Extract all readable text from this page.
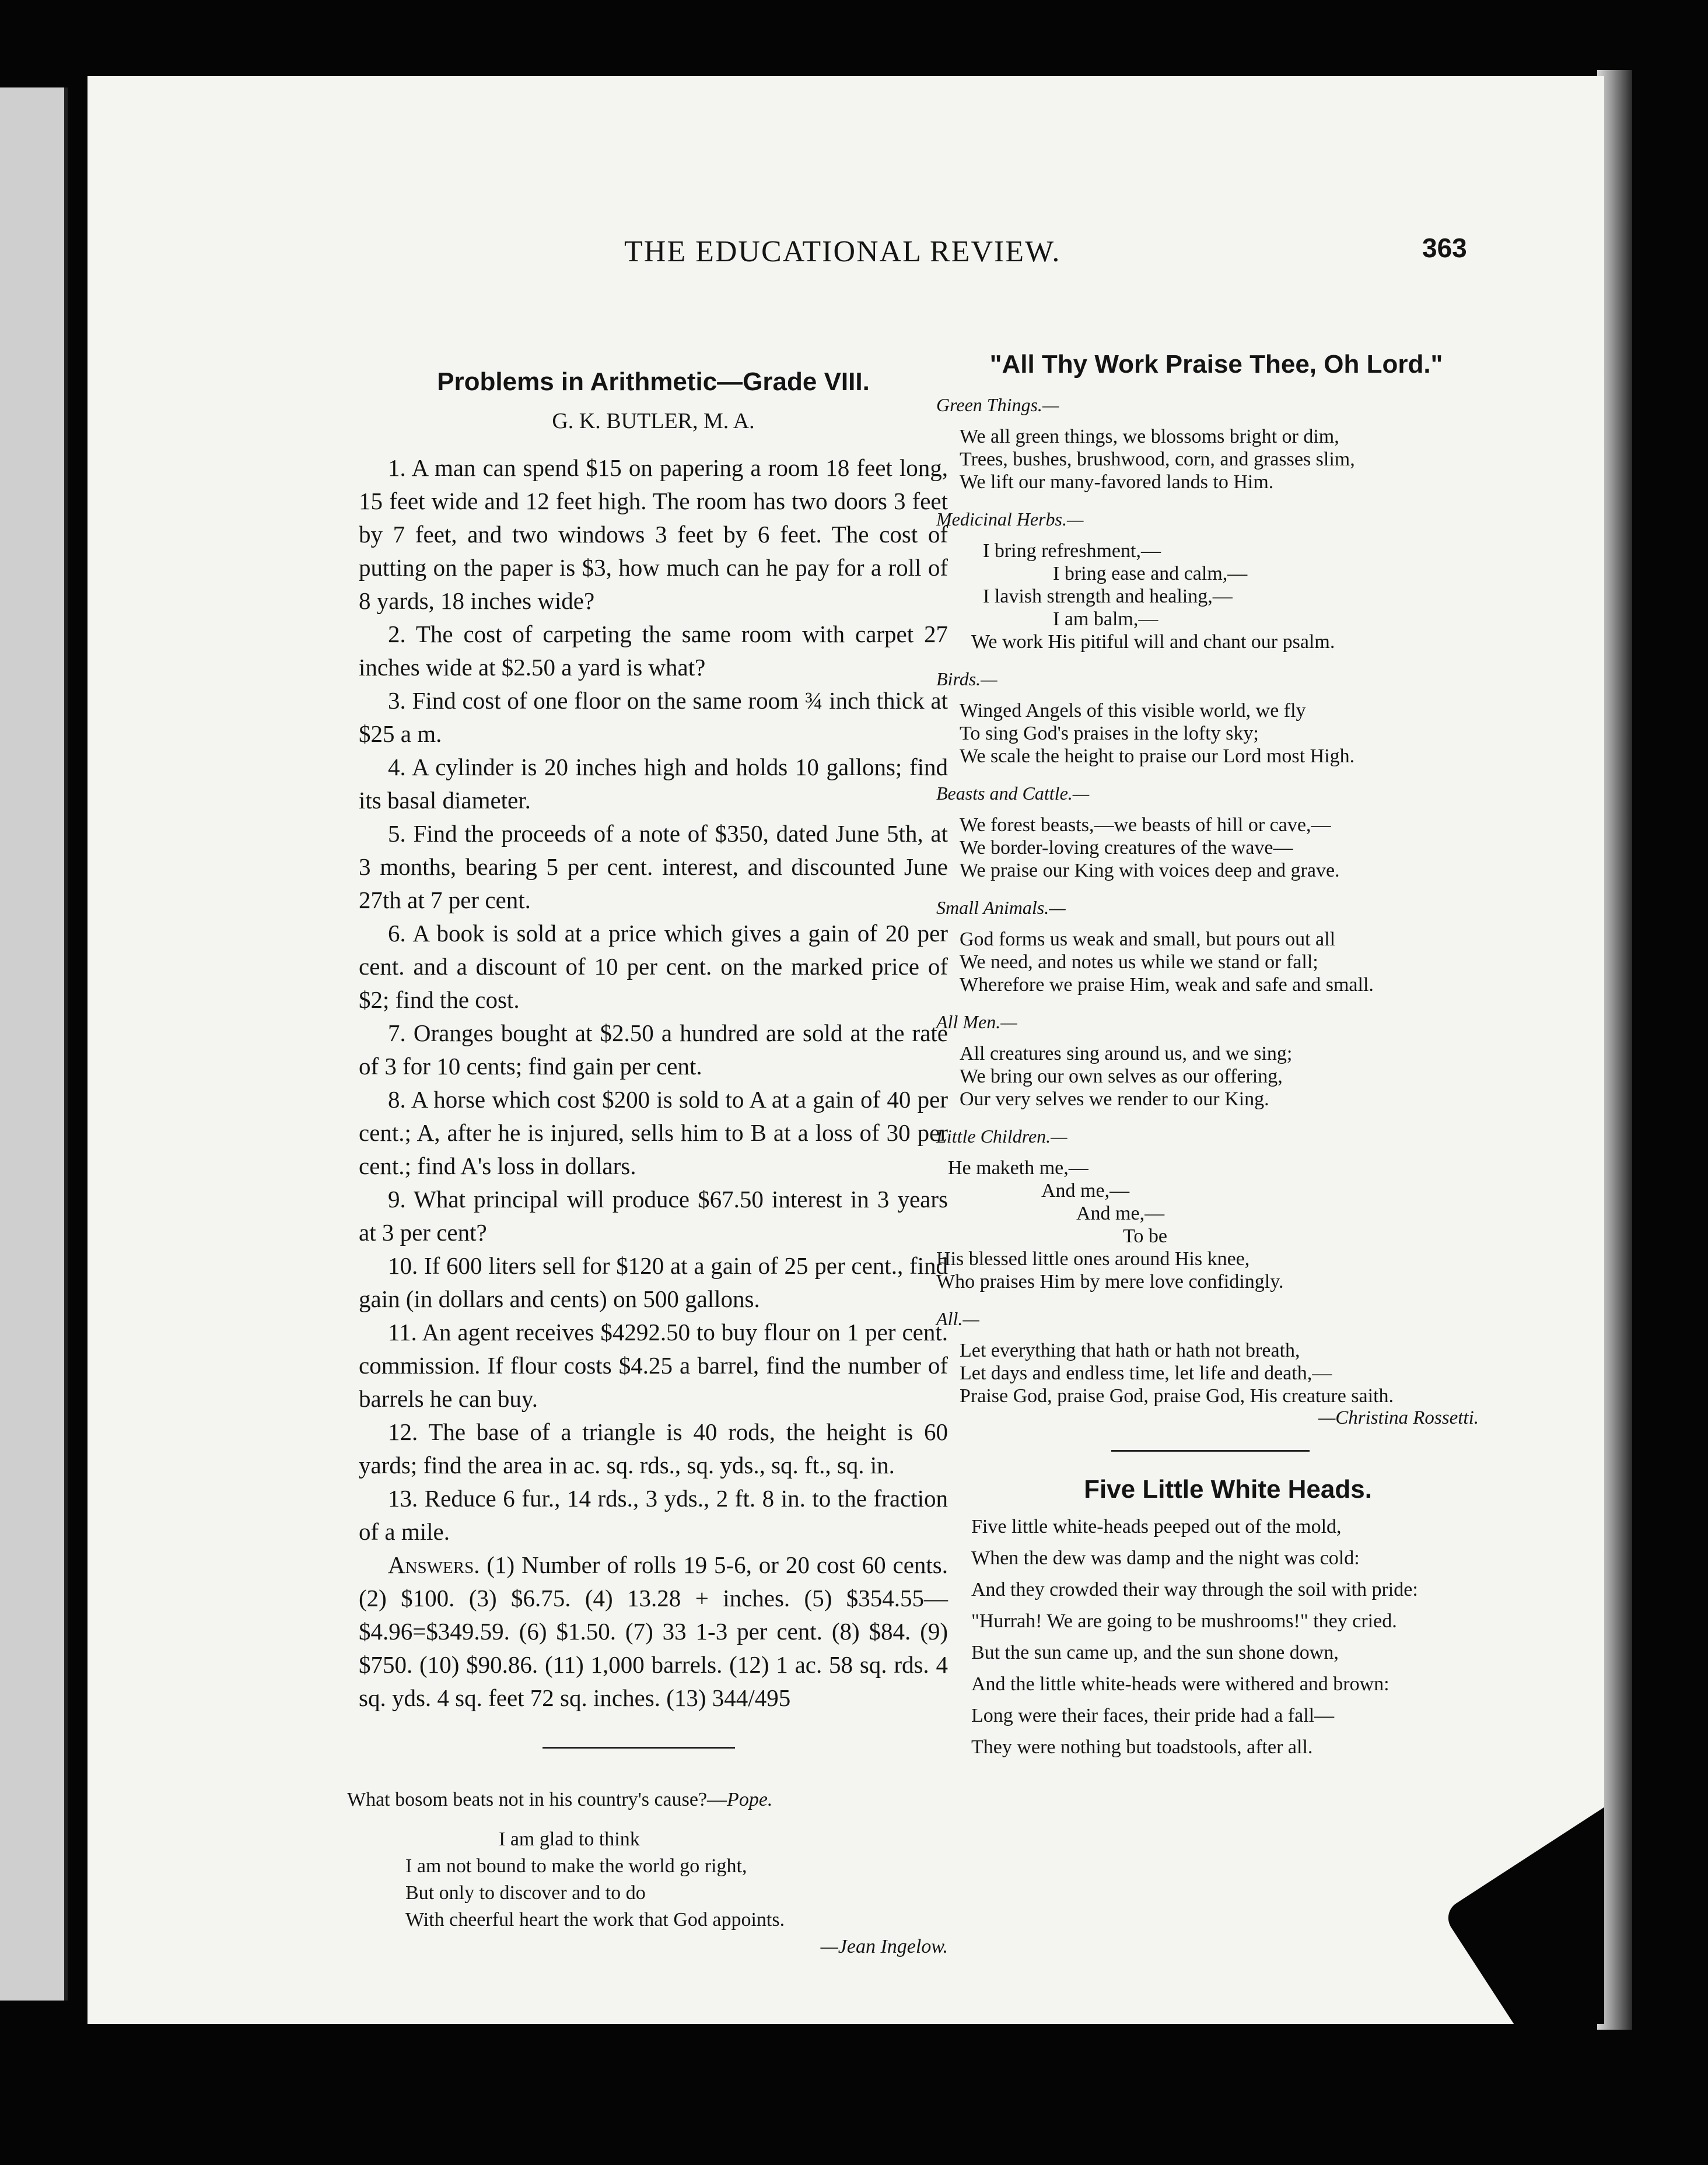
THE EDUCATIONAL REVIEW.	363
Problems in Arithmetic—Grade VIII.
G. K. BUTLER, M. A.

1. A man can spend $15 on papering a room 18 feet long, 15 feet wide and 12 feet high. The room has two doors 3 feet by 7 feet, and two windows 3 feet by 6 feet. The cost of putting on the paper is $3, how much can he pay for a roll of 8 yards, 18 inches wide?

2. The cost of carpeting the same room with carpet 27 inches wide at $2.50 a yard is what?

3. Find cost of one floor on the same room ¾ inch thick at $25 a m.

4. A cylinder is 20 inches high and holds 10 gallons; find its basal diameter.

5. Find the proceeds of a note of $350, dated June 5th, at 3 months, bearing 5 per cent. interest, and discounted June 27th at 7 per cent.

6. A book is sold at a price which gives a gain of 20 per cent. and a discount of 10 per cent. on the marked price of $2; find the cost.

7. Oranges bought at $2.50 a hundred are sold at the rate of 3 for 10 cents; find gain per cent.

8. A horse which cost $200 is sold to A at a gain of 40 per cent.; A, after he is injured, sells him to B at a loss of 30 per cent.; find A's loss in dollars.

9. What principal will produce $67.50 interest in 3 years at 3 per cent?

10. If 600 liters sell for $120 at a gain of 25 per cent., find gain (in dollars and cents) on 500 gallons.

11. An agent receives $4292.50 to buy flour on 1 per cent. commission. If flour costs $4.25 a barrel, find the number of barrels he can buy.

12. The base of a triangle is 40 rods, the height is 60 yards; find the area in ac. sq. rds., sq. yds., sq. ft., sq. in.

13. Reduce 6 fur., 14 rds., 3 yds., 2 ft. 8 in. to the fraction of a mile.

Answers. (1) Number of rolls 19 5-6, or 20 cost 60 cents. (2) $100. (3) $6.75. (4) 13.28 + inches. (5) $354.55—$4.96=$349.59. (6) $1.50. (7) 33 1-3 per cent. (8) $84. (9) $750. (10) $90.86. (11) 1,000 barrels. (12) 1 ac. 58 sq. rds. 4 sq. yds. 4 sq. feet 72 sq. inches. (13) 344/495

What bosom beats not in his country's cause?—Pope.
I am glad to think
I am not bound to make the world go right,
But only to discover and to do
With cheerful heart the work that God appoints.
—Jean Ingelow.
"All Thy Work Praise Thee, Oh Lord."
Green Things.—
We all green things, we blossoms bright or dim,
Trees, bushes, brushwood, corn, and grasses slim,
We lift our many-favored lands to Him.
Medicinal Herbs.—
I bring refreshment,—
I bring ease and calm,—
I lavish strength and healing,—
I am balm,—
We work His pitiful will and chant our psalm.
Birds.—
Winged Angels of this visible world, we fly
To sing God's praises in the lofty sky;
We scale the height to praise our Lord most High.
Beasts and Cattle.—
We forest beasts,—we beasts of hill or cave,—
We border-loving creatures of the wave—
We praise our King with voices deep and grave.
Small Animals.—
God forms us weak and small, but pours out all
We need, and notes us while we stand or fall;
Wherefore we praise Him, weak and safe and small.
All Men.—
All creatures sing around us, and we sing;
We bring our own selves as our offering,
Our very selves we render to our King.
Little Children.—
He maketh me,—
And me,—
And me,—
To be
His blessed little ones around His knee,
Who praises Him by mere love confidingly.
All.—
Let everything that hath or hath not breath,
Let days and endless time, let life and death,—
Praise God, praise God, praise God, His creature saith.
—Christina Rossetti.
Five Little White Heads.
Five little white-heads peeped out of the mold,
When the dew was damp and the night was cold:
And they crowded their way through the soil with pride:
"Hurrah! We are going to be mushrooms!" they cried.
But the sun came up, and the sun shone down,
And the little white-heads were withered and brown:
Long were their faces, their pride had a fall—
They were nothing but toadstools, after all.
